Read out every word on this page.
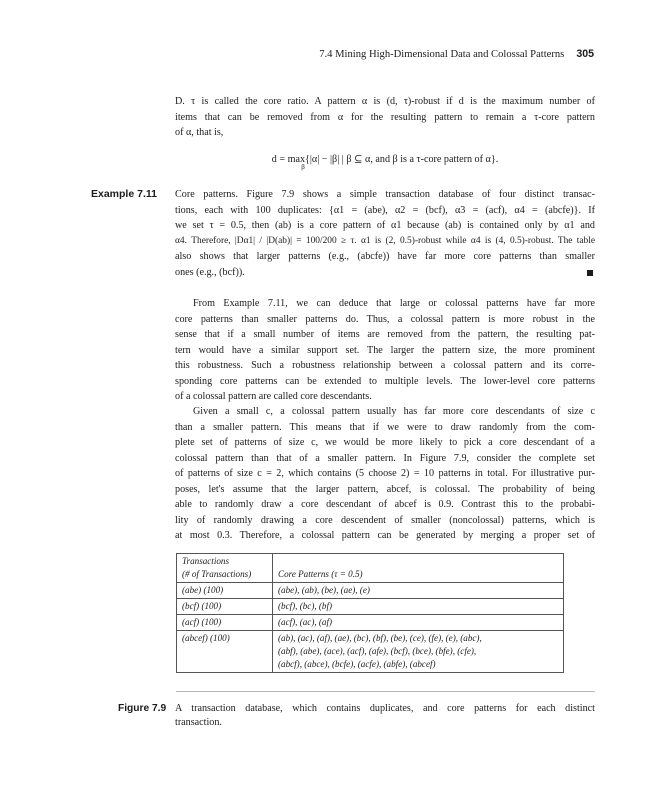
7.4 Mining High-Dimensional Data and Colossal Patterns 305

D. τ is called the core ratio. A pattern α is (d, τ)-robust if d is the maximum number of
items that can be removed from α for the resulting pattern to remain a τ-core pattern
of α, that is,

d = max{|α| − |β| | β ⊆ α, and β is a τ-core pattern of α}.
$^\beta$
Example 7.11 Core patterns. Figure 7.9 shows a simple transaction database of four distinct transac-
tions, each with 100 duplicates: {α1 = (abe), α2 = (bcf), α3 = (acf), α4 = (abcfe)}. If
we set τ = 0.5, then (ab) is a core pattern of α1 because (ab) is contained only by α1 and
α4. Therefore, |Dα1| / |D(ab)| = 100/200 ≥ τ. α1 is (2, 0.5)-robust while α4 is (4, 0.5)-robust. The table
also shows that larger patterns (e.g., (abcfe)) have far more core patterns than smaller
ones (e.g., (bcf)).

From Example 7.11, we can deduce that large or colossal patterns have far more
core patterns than smaller patterns do. Thus, a colossal pattern is more robust in the
sense that if a small number of items are removed from the pattern, the resulting pat-
tern would have a similar support set. The larger the pattern size, the more prominent
this robustness. Such a robustness relationship between a colossal pattern and its corre-
sponding core patterns can be extended to multiple levels. The lower-level core patterns
of a colossal pattern are called core descendants.

Given a small c, a colossal pattern usually has far more core descendants of size c
than a smaller pattern. This means that if we were to draw randomly from the com-
plete set of patterns of size c, we would be more likely to pick a core descendant of a
colossal pattern than that of a smaller pattern. In Figure 7.9, consider the complete set
of patterns of size c = 2, which contains (5 choose 2) = 10 patterns in total. For illustrative pur-
poses, let's assume that the larger pattern, abcef, is colossal. The probability of being
able to randomly draw a core descendant of abcef is 0.9. Contrast this to the probabi-
lity of randomly drawing a core descendent of smaller (noncolossal) patterns, which is
at most 0.3. Therefore, a colossal pattern can be generated by merging a proper set of

Transactions
(# of Transactions)	Core Patterns (τ = 0.5)
(abe) (100)	(abe), (ab), (be), (ae), (e)
(bcf) (100)	(bcf), (bc), (bf)
(acf) (100)	(acf), (ac), (af)
(abcef) (100)	(ab), (ac), (af), (ae), (bc), (bf), (be), (ce), (fe), (e), (abc),
(abf), (abe), (ace), (acf), (afe), (bcf), (bce), (bfe), (cfe),
(abcf), (abce), (bcfe), (acfe), (abfe), (abcef)
Figure 7.9 A transaction database, which contains duplicates, and core patterns for each distinct
transaction.
